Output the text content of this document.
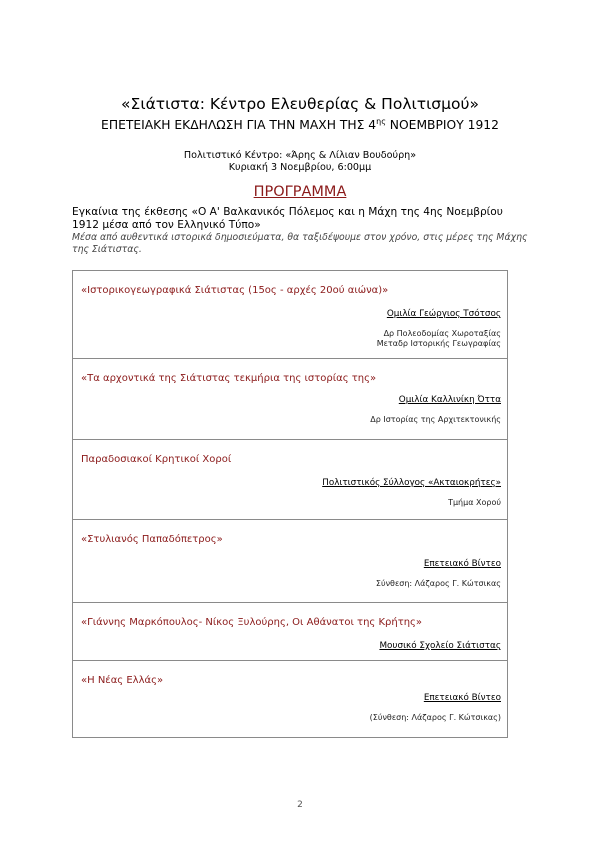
«Σιάτιστα: Κέντρο Ελευθερίας & Πολιτισμού»
ΕΠΕΤΕΙΑΚΗ ΕΚΔΗΛΩΣΗ ΓΙΑ ΤΗΝ ΜΑΧΗ ΤΗΣ $4^{\eta\varsigma}$ ΝΟΕΜΒΡΙΟΥ 1912
Πολιτιστικό Κέντρο: «Άρης & Λίλιαν Βουδούρη»
Κυριακή 3 Νοεμβρίου, 6:00μμ
ΠΡΟΓΡΑΜΜΑ
Εγκαίνια της έκθεσης «Ο Α' Βαλκανικός Πόλεμος και η Μάχη της 4ης Νοεμβρίου 1912 μέσα από τον Ελληνικό Τύπο»
Μέσα από αυθεντικά ιστορικά δημοσιεύματα, θα ταξιδέψουμε στον χρόνο, στις μέρες της Μάχης της Σιάτιστας.
«Ιστορικογεωγραφικά Σιάτιστας (15ος - αρχές 20ού αιώνα)»
Ομιλία Γεώργιος Τσότσος
Δρ Πολεοδομίας Χωροταξίας
Μεταδρ Ιστορικής Γεωγραφίας
«Τα αρχοντικά της Σιάτιστας τεκμήρια της ιστορίας της»
Ομιλία Καλλινίκη Όττα
Δρ Ιστορίας της Αρχιτεκτονικής
Παραδοσιακοί Κρητικοί Χοροί
Πολιτιστικός Σύλλογος «Ακταιοκρήτες»
Τμήμα Χορού
«Στυλιανός Παπαδόπετρος»
Επετειακό Βίντεο
Σύνθεση: Λάζαρος Γ. Κώτσικας
«Γιάννης Μαρκόπουλος- Νίκος Ξυλούρης, Οι Αθάνατοι της Κρήτης»
Μουσικό Σχολείο Σιάτιστας
«Η Νέας Ελλάς»
Επετειακό Βίντεο
(Σύνθεση: Λάζαρος Γ. Κώτσικας)
2
